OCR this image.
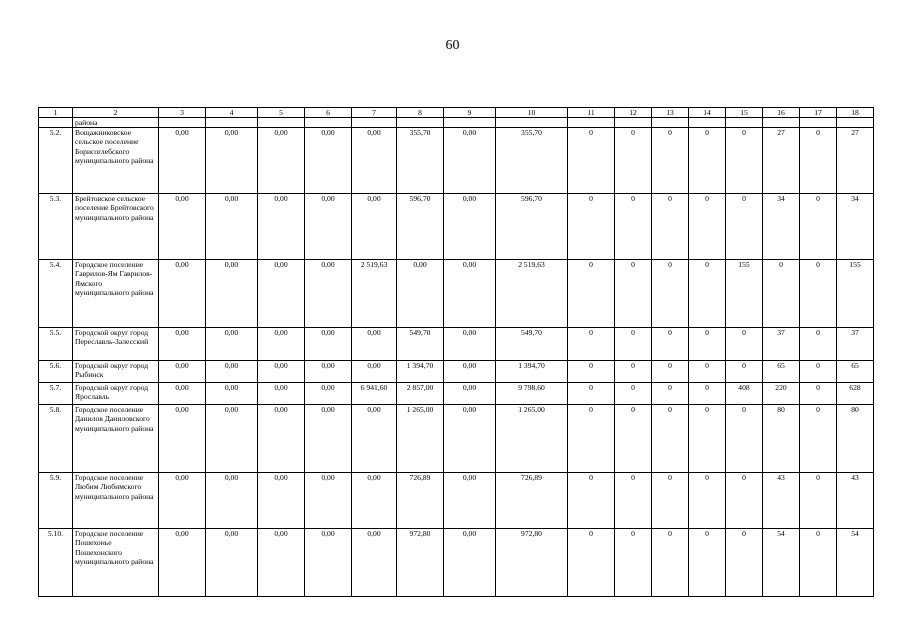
60
1	2	3	4	5	6	7	8	9	10	11	12	13	14	15	16	17	18
	района																
5.2.	Вощажниковское сельское поселение Борисоглебского муниципального района	0,00	0,00	0,00	0,00	0,00	355,70	0,00	355,70	0	0	0	0	0	27	0	27
5.3.	Брейтовское сельское поселение Брейтовского муниципального района	0,00	0,00	0,00	0,00	0,00	596,70	0,00	596,70	0	0	0	0	0	34	0	34
5.4.	Городское поселение Гаврилов-Ям Гаврилов-Ямского муниципального района	0,00	0,00	0,00	0,00	2 519,63	0,00	0,00	2 519,63	0	0	0	0	155	0	0	155
5.5.	Городской округ город Переславль-Залесский	0,00	0,00	0,00	0,00	0,00	549,70	0,00	549,70	0	0	0	0	0	37	0	37
5.6.	Городской округ город Рыбинск	0,00	0,00	0,00	0,00	0,00	1 394,70	0,00	1 394,70	0	0	0	0	0	65	0	65
5.7.	Городской округ город Ярославль	0,00	0,00	0,00	0,00	6 941,60	2 857,00	0,00	9 798,60	0	0	0	0	408	220	0	628
5.8.	Городское поселение Данилов Даниловского муниципального района	0,00	0,00	0,00	0,00	0,00	1 265,00	0,00	1 265,00	0	0	0	0	0	80	0	80
5.9.	Городское поселение Любим Любимского муниципального района	0,00	0,00	0,00	0,00	0,00	726,89	0,00	726,89	0	0	0	0	0	43	0	43
5.10.	Городское поселение Пошехонье Пошехонского муниципального района	0,00	0,00	0,00	0,00	0,00	972,80	0,00	972,80	0	0	0	0	0	54	0	54
